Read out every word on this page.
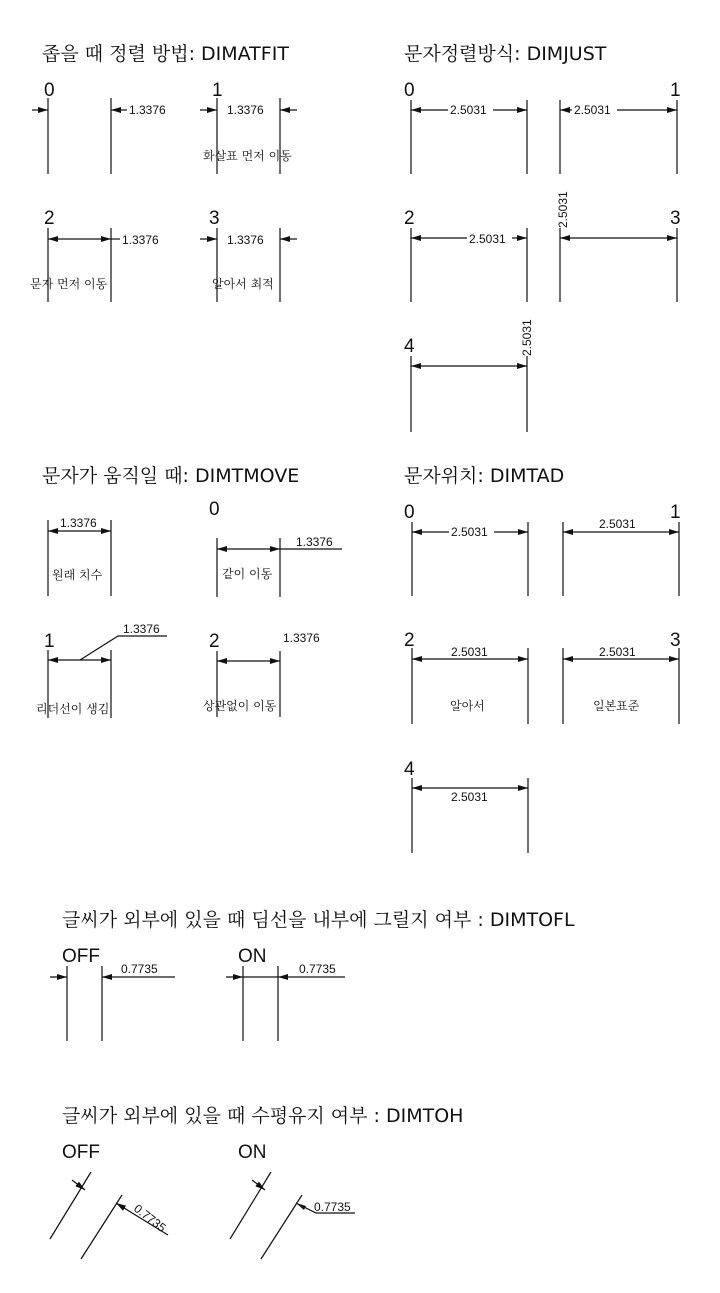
좁을 때 정렬 방법: DIMATFIT	문자정렬방식: DIMJUST
문자가 움직일 때: DIMTMOVE	문자위치: DIMTAD
글씨가 외부에 있을 때 딤선을 내부에 그릴지 여부 : DIMTOFL
글씨가 외부에 있을 때 수평유지 여부 : DIMTOH
0
1.3376
1
1.3376
화살표 먼저 이동
2
1.3376
문자 먼저 이동
3
1.3376
알아서 최적
0
2.5031
1
2.5031
2
2.5031
3
2.5031
4	2.5031
1.3376
원래 치수
0
1.3376
같이 이동
1
1.3376
리더선이 생김
2	1.3376
상관없이 이동
0
2.5031
1
2.5031
2
2.5031
알아서
3
2.5031
일본표준
4
2.5031
OFF
0.7735
ON
0.7735
OFF
0.7735
ON
0.7735
